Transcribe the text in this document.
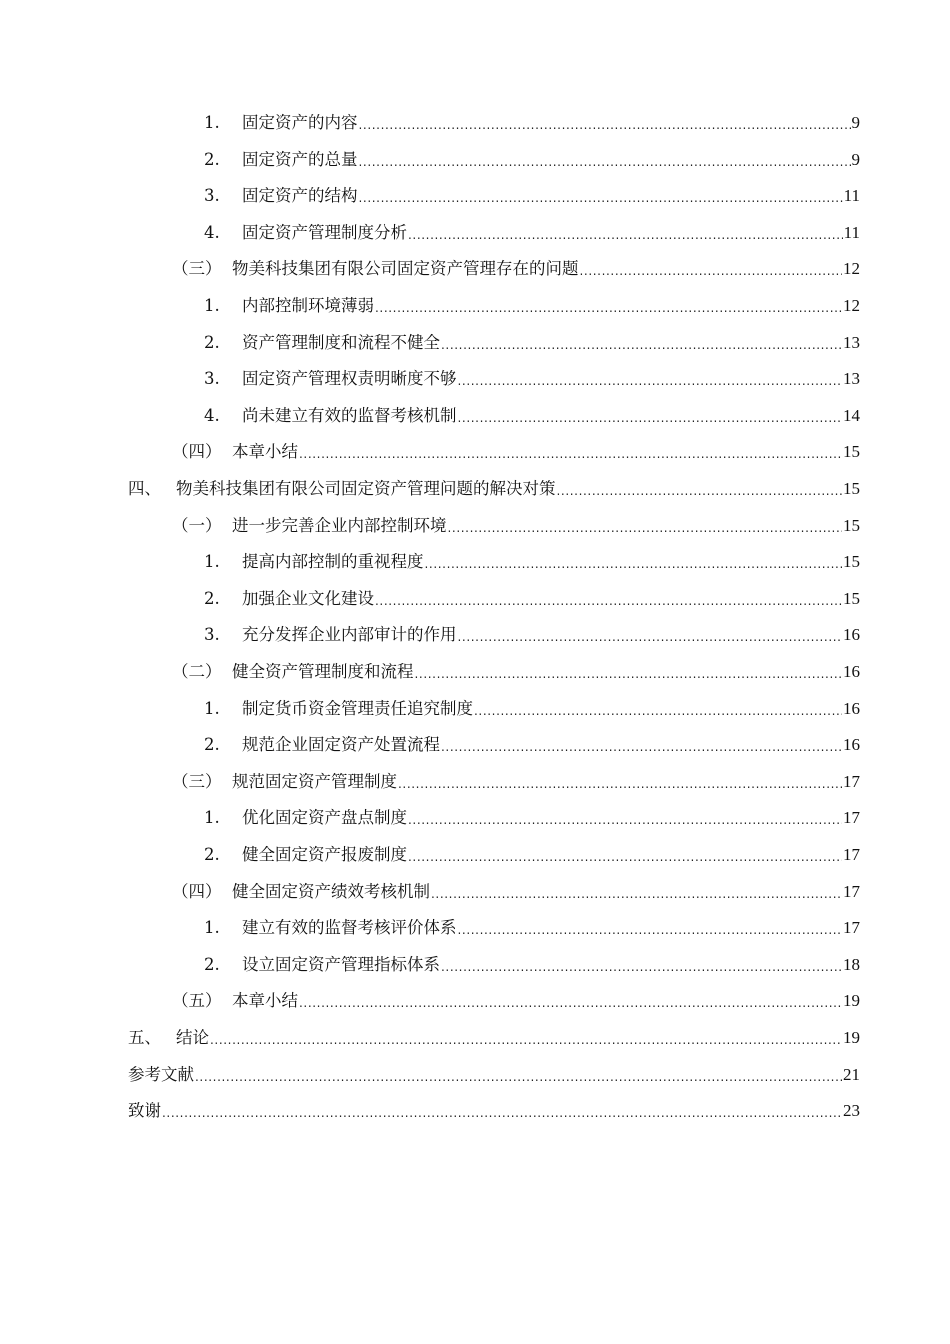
1.	固定资产的内容 .....	9
2.	固定资产的总量 .....	9
3.	固定资产的结构 .....	11
4.	固定资产管理制度分析 .....	11
（三） 物美科技集团有限公司固定资产管理存在的问题 .....	12
1.	内部控制环境薄弱 .....	12
2.	资产管理制度和流程不健全 .....	13
3.	固定资产管理权责明晰度不够 .....	13
4.	尚未建立有效的监督考核机制 .....	14
（四） 本章小结 .....	15
四、 物美科技集团有限公司固定资产管理问题的解决对策 .....	15
（一） 进一步完善企业内部控制环境 .....	15
1.	提高内部控制的重视程度 .....	15
2.	加强企业文化建设 .....	15
3.	充分发挥企业内部审计的作用 .....	16
（二） 健全资产管理制度和流程 .....	16
1.	制定货币资金管理责任追究制度 .....	16
2.	规范企业固定资产处置流程 .....	16
（三） 规范固定资产管理制度 .....	17
1.	优化固定资产盘点制度 .....	17
2.	健全固定资产报废制度 .....	17
（四） 健全固定资产绩效考核机制 .....	17
1.	建立有效的监督考核评价体系 .....	17
2.	设立固定资产管理指标体系 .....	18
（五） 本章小结 .....	19
五、 结论 .....	19
参考文献 .....	21
致谢 .....	23
